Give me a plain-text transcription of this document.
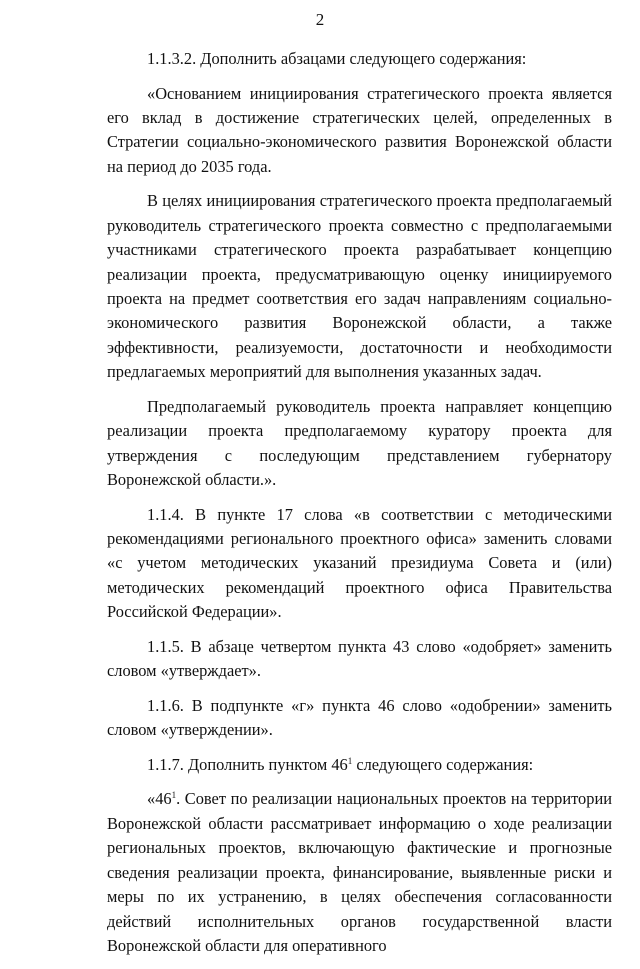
2

1.1.3.2. Дополнить абзацами следующего содержания:

«Основанием инициирования стратегического проекта является его вклад в достижение стратегических целей, определенных в Стратегии социально-экономического развития Воронежской области на период до 2035 года.

В целях инициирования стратегического проекта предполагаемый руководитель стратегического проекта совместно с предполагаемыми участниками стратегического проекта разрабатывает концепцию реализации проекта, предусматривающую оценку инициируемого проекта на предмет соответствия его задач направлениям социально-экономического развития Воронежской области, а также эффективности, реализуемости, достаточности и необходимости предлагаемых мероприятий для выполнения указанных задач.

Предполагаемый руководитель проекта направляет концепцию реализации проекта предполагаемому куратору проекта для утверждения с последующим представлением губернатору Воронежской области.».

1.1.4. В пункте 17 слова «в соответствии с методическими рекомендациями регионального проектного офиса» заменить словами «с учетом методических указаний президиума Совета и (или) методических рекомендаций проектного офиса Правительства Российской Федерации».

1.1.5. В абзаце четвертом пункта 43 слово «одобряет» заменить словом «утверждает».

1.1.6. В подпункте «г» пункта 46 слово «одобрении» заменить словом «утверждении».

1.1.7. Дополнить пунктом $46^1$ следующего содержания:

«$46^1$. Совет по реализации национальных проектов на территории Воронежской области рассматривает информацию о ходе реализации региональных проектов, включающую фактические и прогнозные сведения реализации проекта, финансирование, выявленные риски и меры по их устранению, в целях обеспечения согласованности действий исполнительных органов государственной власти Воронежской области для оперативного
